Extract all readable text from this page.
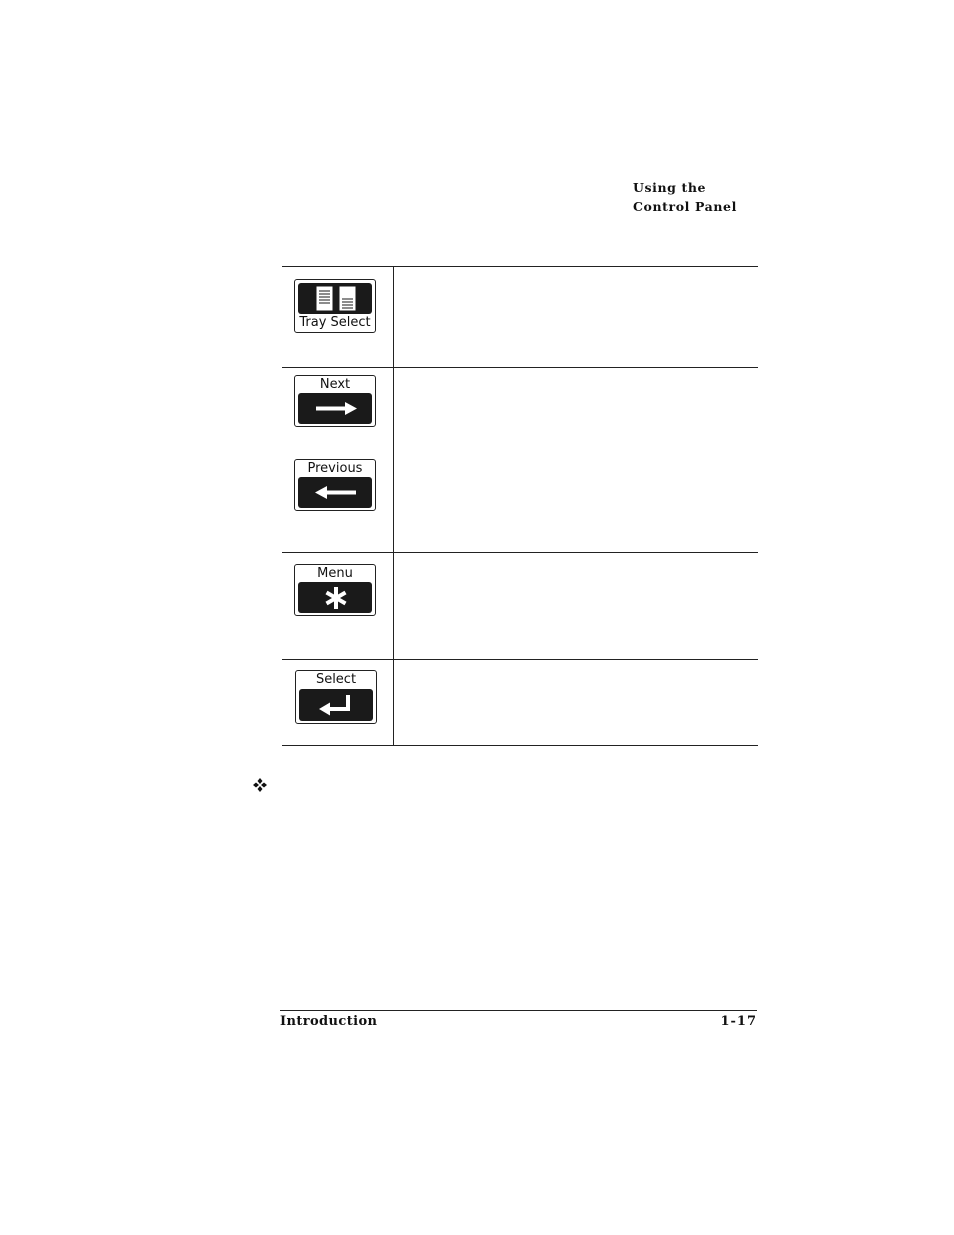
Using the
Control Panel
Tray Select
Next
Previous
Menu
Select
Introduction	1-17
